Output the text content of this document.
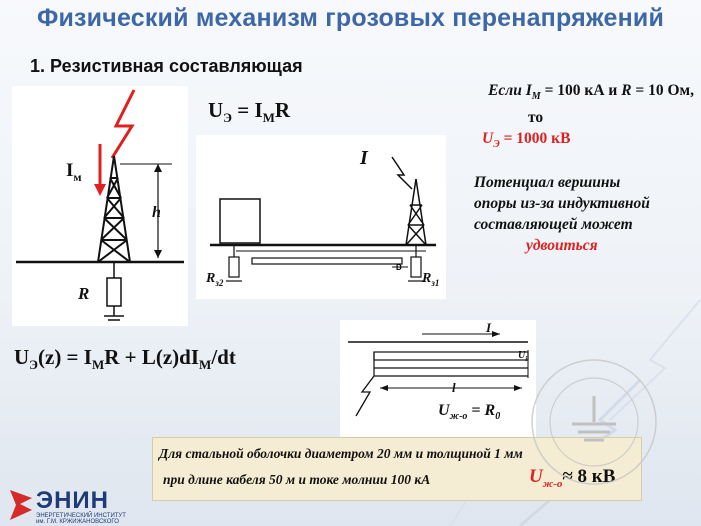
Физический механизм грозовых перенапряжений
1. Резистивная составляющая
$I_м$
h
R
$U_Э = I_MR$
I
$R_{з2}$	$R_{з1}$
D
Если $I_M = 100$ кА и R = 10 Ом,
то
$U_Э = 1000$ кВ
Потенциал вершины
опоры из-за индуктивной
составляющей может
удвоиться
$U_Э(z) = I_MR + L(z)dI_M/dt$
I
l
$U_i$
$U_{ж-о} = R_0$
Для стальной оболочки диаметром 20 мм и толщиной 1 мм
при длине кабеля 50 м и токе молнии 100 кА	$U_{ж-о}\approx 8$ кВ
ЭНИН
ЭНЕРГЕТИЧЕСКИЙ ИНСТИТУТ
им. Г.М. КРЖИЖАНОВСКОГО
